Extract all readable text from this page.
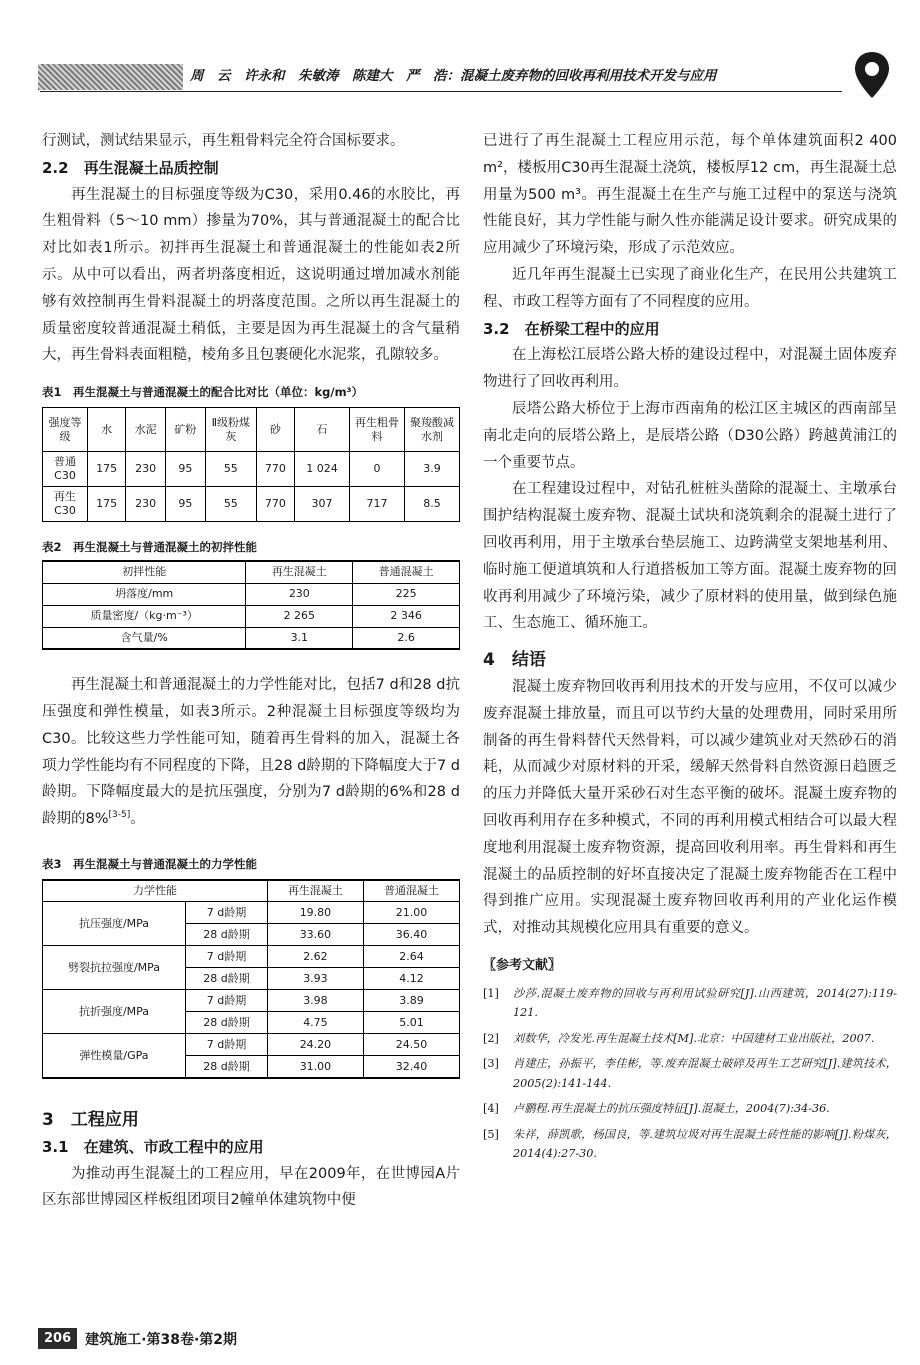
周　云　许永和　朱敏涛　陈建大　严　浩：混凝土废弃物的回收再利用技术开发与应用

行测试，测试结果显示，再生粗骨料完全符合国标要求。

2.2　再生混凝土品质控制

再生混凝土的目标强度等级为C30，采用0.46的水胶比，再生粗骨料（5～10 mm）掺量为70%，其与普通混凝土的配合比对比如表1所示。初拌再生混凝土和普通混凝土的性能如表2所示。从中可以看出，两者坍落度相近，这说明通过增加减水剂能够有效控制再生骨料混凝土的坍落度范围。之所以再生混凝土的质量密度较普通混凝土稍低，主要是因为再生混凝土的含气量稍大，再生骨料表面粗糙，棱角多且包裹硬化水泥浆，孔隙较多。

表1　再生混凝土与普通混凝土的配合比对比（单位：kg/m³）

强度等级	水	水泥	矿粉	Ⅱ级粉煤灰	砂	石	再生粗骨料	聚羧酸减水剂
普通C30	175	230	95	55	770	1 024	0	3.9
再生C30	175	230	95	55	770	307	717	8.5

表2　再生混凝土与普通混凝土的初拌性能

初拌性能	再生混凝土	普通混凝土
坍落度/mm	230	225
质量密度/（kg·m⁻³）	2 265	2 346
含气量/%	3.1	2.6

再生混凝土和普通混凝土的力学性能对比，包括7 d和28 d抗压强度和弹性模量，如表3所示。2种混凝土目标强度等级均为C30。比较这些力学性能可知，随着再生骨料的加入，混凝土各项力学性能均有不同程度的下降，且28 d龄期的下降幅度大于7 d龄期。下降幅度最大的是抗压强度，分别为7 d龄期的6%和28 d龄期的8%[3-5]。

表3　再生混凝土与普通混凝土的力学性能

力学性能		再生混凝土	普通混凝土
抗压强度/MPa	7 d龄期	19.80	21.00
	28 d龄期	33.60	36.40
劈裂抗拉强度/MPa	7 d龄期	2.62	2.64
	28 d龄期	3.93	4.12
抗折强度/MPa	7 d龄期	3.98	3.89
	28 d龄期	4.75	5.01
弹性模量/GPa	7 d龄期	24.20	24.50
	28 d龄期	31.00	32.40

3　工程应用

3.1　在建筑、市政工程中的应用

为推动再生混凝土的工程应用，早在2009年，在世博园A片区东部世博园区样板组团项目2幢单体建筑物中便

已进行了再生混凝土工程应用示范，每个单体建筑面积2 400 m²，楼板用C30再生混凝土浇筑，楼板厚12 cm，再生混凝土总用量为500 m³。再生混凝土在生产与施工过程中的泵送与浇筑性能良好，其力学性能与耐久性亦能满足设计要求。研究成果的应用减少了环境污染，形成了示范效应。

近几年再生混凝土已实现了商业化生产，在民用公共建筑工程、市政工程等方面有了不同程度的应用。

3.2　在桥梁工程中的应用

在上海松江辰塔公路大桥的建设过程中，对混凝土固体废弃物进行了回收再利用。

辰塔公路大桥位于上海市西南角的松江区主城区的西南部呈南北走向的辰塔公路上，是辰塔公路（D30公路）跨越黄浦江的一个重要节点。

在工程建设过程中，对钻孔桩桩头凿除的混凝土、主墩承台围护结构混凝土废弃物、混凝土试块和浇筑剩余的混凝土进行了回收再利用，用于主墩承台垫层施工、边跨满堂支架地基利用、临时施工便道填筑和人行道搭板加工等方面。混凝土废弃物的回收再利用减少了环境污染，减少了原材料的使用量，做到绿色施工、生态施工、循环施工。

4　结语

混凝土废弃物回收再利用技术的开发与应用，不仅可以减少废弃混凝土排放量，而且可以节约大量的处理费用，同时采用所制备的再生骨料替代天然骨料，可以减少建筑业对天然砂石的消耗，从而减少对原材料的开采，缓解天然骨料自然资源日趋匮乏的压力并降低大量开采砂石对生态平衡的破坏。混凝土废弃物的回收再利用存在多种模式，不同的再利用模式相结合可以最大程度地利用混凝土废弃物资源，提高回收利用率。再生骨料和再生混凝土的品质控制的好坏直接决定了混凝土废弃物能否在工程中得到推广应用。实现混凝土废弃物回收再利用的产业化运作模式，对推动其规模化应用具有重要的意义。

〖参考文献〗

[1]	沙莎.混凝土废弃物的回收与再利用试验研究[J].山西建筑，2014(27):119-121.
[2]	刘数华，冷发光.再生混凝土技术[M].北京：中国建材工业出版社，2007.
[3]	肖建庄，孙振平，李佳彬，等.废弃混凝土破碎及再生工艺研究[J].建筑技术，2005(2):141-144.
[4]	卢鹏程.再生混凝土的抗压强度特征[J].混凝土，2004(7):34-36.
[5]	朱祥，薛凯歌，杨国良，等.建筑垃圾对再生混凝土砖性能的影响[J].粉煤灰，2014(4):27-30.
206	建筑施工·第38卷·第2期
